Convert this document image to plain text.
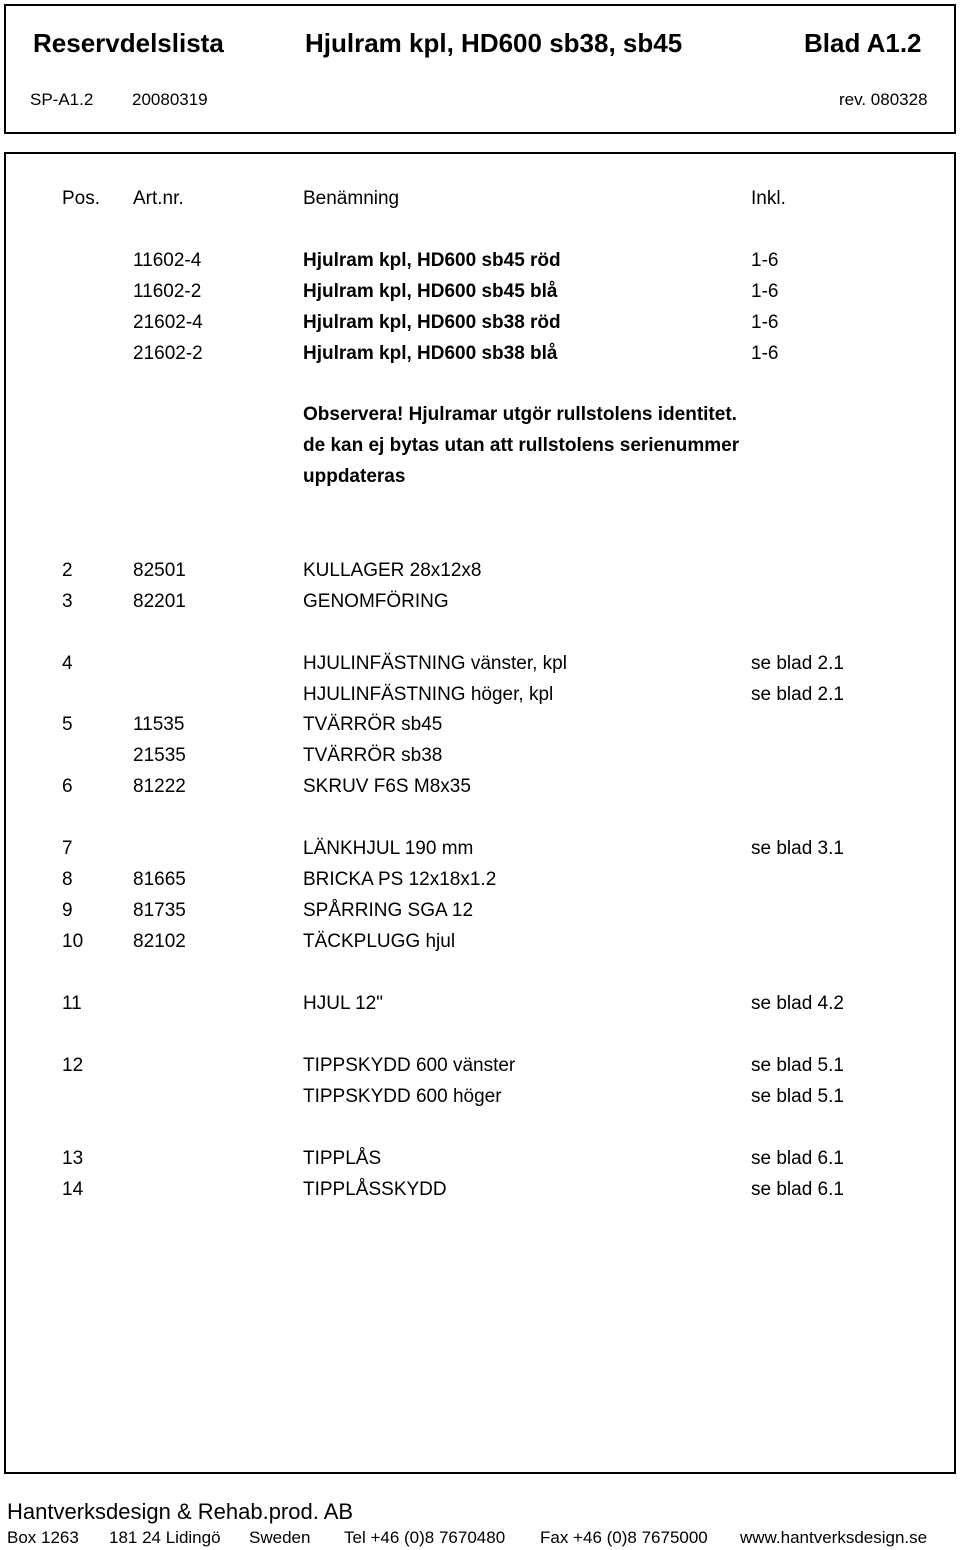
Reservdelslista	Hjulram kpl, HD600 sb38, sb45	Blad A1.2
SP-A1.2 20080319	rev. 080328
Pos. Art.nr.	Benämning	Inkl.
11602-4	Hjulram kpl, HD600 sb45 röd	1-6
11602-2	Hjulram kpl, HD600 sb45 blå	1-6
21602-4	Hjulram kpl, HD600 sb38 röd	1-6
21602-2	Hjulram kpl, HD600 sb38 blå	1-6
Observera! Hjulramar utgör rullstolens identitet.
de kan ej bytas utan att rullstolens serienummer
uppdateras
2	82501	KULLAGER 28x12x8
3	82201	GENOMFÖRING
4	HJULINFÄSTNING vänster, kpl	se blad 2.1
HJULINFÄSTNING höger, kpl	se blad 2.1
5	11535	TVÄRRÖR sb45
21535	TVÄRRÖR sb38
6	81222	SKRUV F6S M8x35
7	LÄNKHJUL 190 mm	se blad 3.1
8	81665	BRICKA PS 12x18x1.2
9	81735	SPÅRRING SGA 12
10	82102	TÄCKPLUGG hjul
11	HJUL 12"	se blad 4.2
12	TIPPSKYDD 600 vänster	se blad 5.1
TIPPSKYDD 600 höger	se blad 5.1
13	TIPPLÅS	se blad 6.1
14	TIPPLÅSSKYDD	se blad 6.1
Hantverksdesign & Rehab.prod. AB
Box 1263 181 24 Lidingö Sweden Tel +46 (0)8 7670480 Fax +46 (0)8 7675000 www.hantverksdesign.se
